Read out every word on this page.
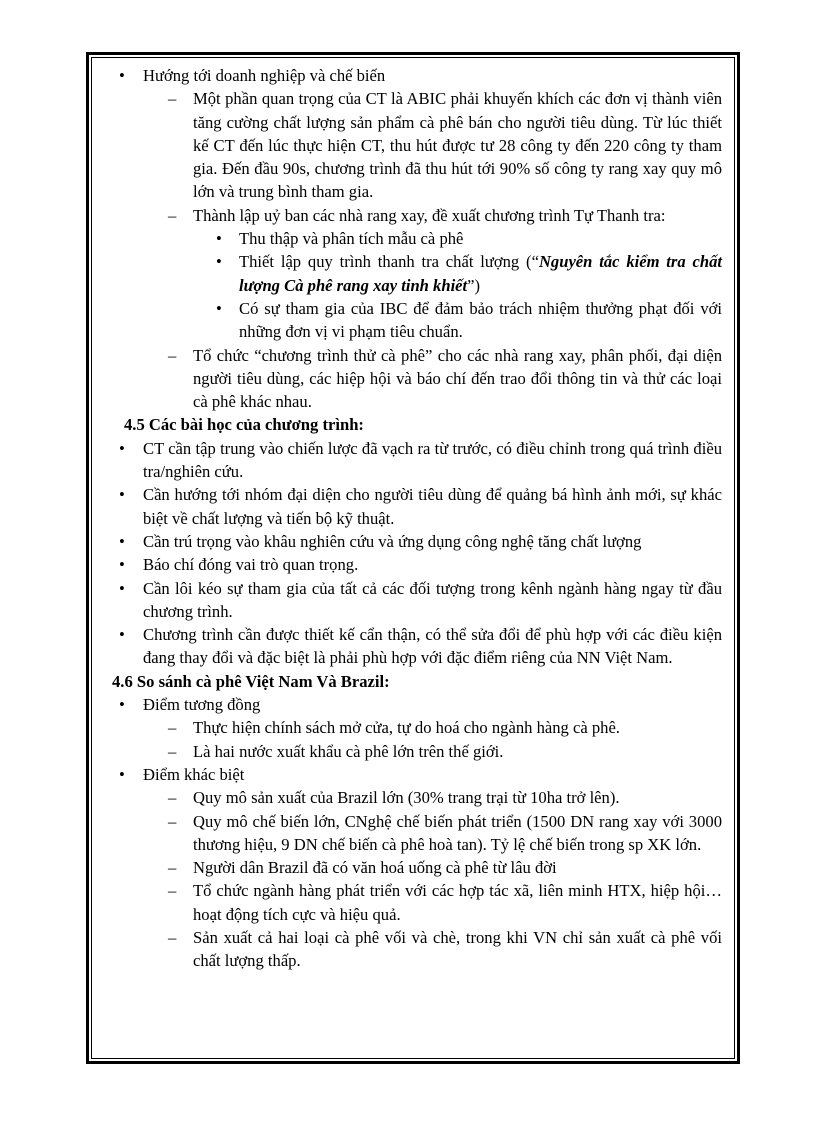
• Hướng tới doanh nghiệp và chế biến
– Một phần quan trọng của CT là ABIC phải khuyến khích các đơn vị thành viên tăng cường chất lượng sản phẩm cà phê bán cho người tiêu dùng. Từ lúc thiết kế CT đến lúc thực hiện CT, thu hút được tư 28 công ty đến 220 công ty tham gia. Đến đầu 90s, chương trình đã thu hút tới 90% số công ty rang xay quy mô lớn và trung bình tham gia.
– Thành lập uỷ ban các nhà rang xay, đề xuất chương trình Tự Thanh tra:
• Thu thập và phân tích mẫu cà phê
• Thiết lập quy trình thanh tra chất lượng (“Nguyên tắc kiểm tra chất lượng Cà phê rang xay tinh khiết”)
• Có sự tham gia của IBC để đảm bảo trách nhiệm thưởng phạt đối với những đơn vị vi phạm tiêu chuẩn.
– Tổ chức “chương trình thử cà phê” cho các nhà rang xay, phân phối, đại diện người tiêu dùng, các hiệp hội và báo chí đến trao đổi thông tin và thử các loại cà phê khác nhau.
4.5 Các bài học của chương trình:
• CT cần tập trung vào chiến lược đã vạch ra từ trước, có điều chỉnh trong quá trình điều tra/nghiên cứu.
• Cần hướng tới nhóm đại diện cho người tiêu dùng để quảng bá hình ảnh mới, sự khác biệt về chất lượng và tiến bộ kỹ thuật.
• Cần trú trọng vào khâu nghiên cứu và ứng dụng công nghệ tăng chất lượng
• Báo chí đóng vai trò quan trọng.
• Cần lôi kéo sự tham gia của tất cả các đối tượng trong kênh ngành hàng ngay từ đầu chương trình.
• Chương trình cần được thiết kế cẩn thận, có thể sửa đổi để phù hợp với các điều kiện đang thay đổi và đặc biệt là phải phù hợp với đặc điểm riêng của NN Việt Nam.
4.6 So sánh cà phê Việt Nam Và Brazil:
• Điểm tương đồng
– Thực hiện chính sách mở cửa, tự do hoá cho ngành hàng cà phê.
– Là hai nước xuất khẩu cà phê lớn trên thế giới.
• Điểm khác biệt
– Quy mô sản xuất của Brazil lớn (30% trang trại từ 10ha trở lên).
– Quy mô chế biến lớn, CNghệ chế biến phát triển (1500 DN rang xay với 3000 thương hiệu, 9 DN chế biến cà phê hoà tan). Tỷ lệ chế biến trong sp XK lớn.
– Người dân Brazil đã có văn hoá uống cà phê từ lâu đời
– Tổ chức ngành hàng phát triển với các hợp tác xã, liên minh HTX, hiệp hội… hoạt động tích cực và hiệu quả.
– Sản xuất cả hai loại cà phê vối và chè, trong khi VN chỉ sản xuất cà phê vối chất lượng thấp.
